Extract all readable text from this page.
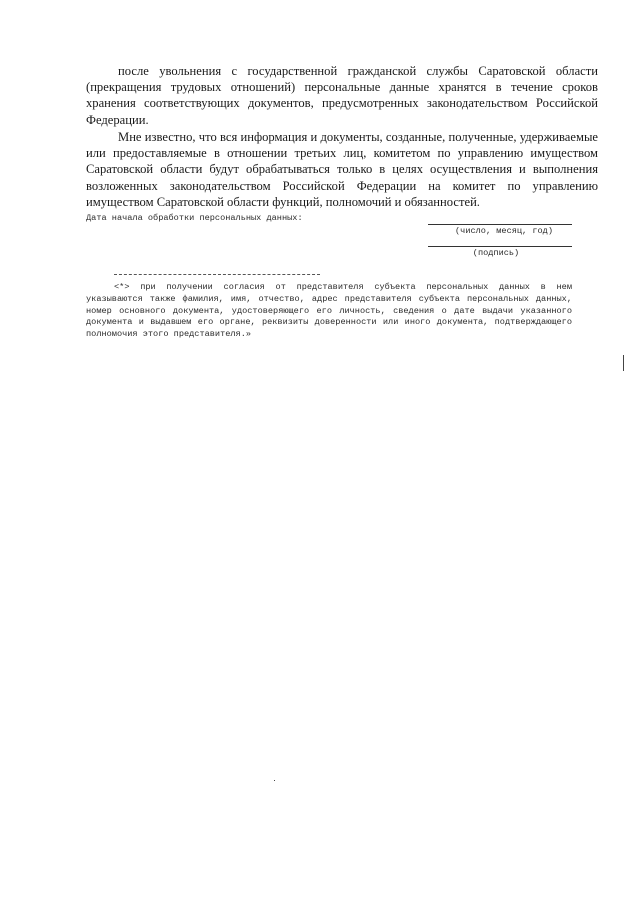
после увольнения с государственной гражданской службы Саратовской области (прекращения трудовых отношений) персональные данные хранятся в течение сроков хранения соответствующих документов, предусмотренных законодательством Российской Федерации.
Мне известно, что вся информация и документы, созданные, полученные, удерживаемые или предоставляемые в отношении третьих лиц, комитетом по управлению имуществом Саратовской области будут обрабатываться только в целях осуществления и выполнения возложенных законодательством Российской Федерации на комитет по управлению имуществом Саратовской области функций, полномочий и обязанностей.
Дата начала обработки персональных данных:
(число, месяц, год)
(подпись)
<*> при получении согласия от представителя субъекта персональных данных в нем указываются также фамилия, имя, отчество, адрес представителя субъекта персональных данных, номер основного документа, удостоверяющего его личность, сведения о дате выдачи указанного документа и выдавшем его органе, реквизиты доверенности или иного документа, подтверждающего полномочия этого представителя.»
